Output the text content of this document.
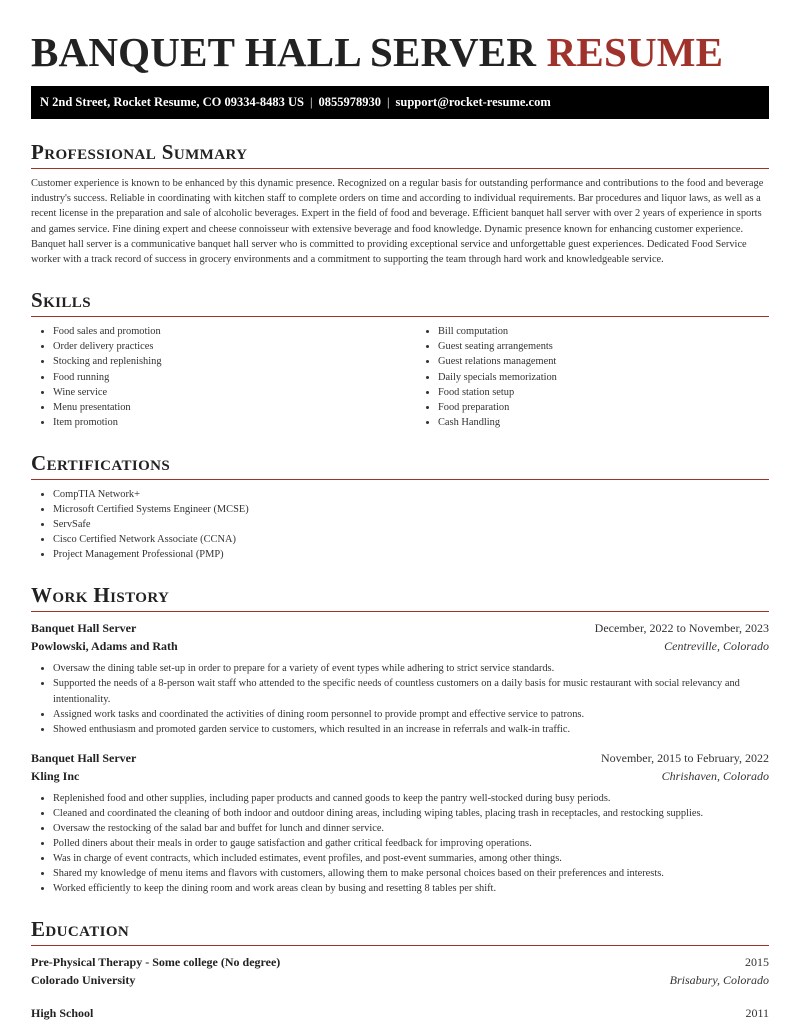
BANQUET HALL SERVER RESUME
N 2nd Street, Rocket Resume, CO 09334-8483 US | 0855978930 | support@rocket-resume.com
Professional Summary

Customer experience is known to be enhanced by this dynamic presence. Recognized on a regular basis for outstanding performance and contributions to the food and beverage industry's success. Reliable in coordinating with kitchen staff to complete orders on time and according to individual requirements. Bar procedures and liquor laws, as well as a recent license in the preparation and sale of alcoholic beverages. Expert in the field of food and beverage. Efficient banquet hall server with over 2 years of experience in sports and games service. Fine dining expert and cheese connoisseur with extensive beverage and food knowledge. Dynamic presence known for enhancing customer experience. Banquet hall server is a communicative banquet hall server who is committed to providing exceptional service and unforgettable guest experiences. Dedicated Food Service worker with a track record of success in grocery environments and a commitment to supporting the team through hard work and knowledgeable service.

Skills
• Food sales and promotion
• Order delivery practices
• Stocking and replenishing
• Food running
• Wine service
• Menu presentation
• Item promotion
• Bill computation
• Guest seating arrangements
• Guest relations management
• Daily specials memorization
• Food station setup
• Food preparation
• Cash Handling
Certifications
• CompTIA Network+
• Microsoft Certified Systems Engineer (MCSE)
• ServSafe
• Cisco Certified Network Associate (CCNA)
• Project Management Professional (PMP)
Work History
Banquet Hall Server	December, 2022 to November, 2023
Powlowski, Adams and Rath	Centreville, Colorado
• Oversaw the dining table set-up in order to prepare for a variety of event types while adhering to strict service standards.
• Supported the needs of a 8-person wait staff who attended to the specific needs of countless customers on a daily basis for music restaurant with social relevancy and intentionality.
• Assigned work tasks and coordinated the activities of dining room personnel to provide prompt and effective service to patrons.
• Showed enthusiasm and promoted garden service to customers, which resulted in an increase in referrals and walk-in traffic.
Banquet Hall Server	November, 2015 to February, 2022
Kling Inc	Chrishaven, Colorado
• Replenished food and other supplies, including paper products and canned goods to keep the pantry well-stocked during busy periods.
• Cleaned and coordinated the cleaning of both indoor and outdoor dining areas, including wiping tables, placing trash in receptacles, and restocking supplies.
• Oversaw the restocking of the salad bar and buffet for lunch and dinner service.
• Polled diners about their meals in order to gauge satisfaction and gather critical feedback for improving operations.
• Was in charge of event contracts, which included estimates, event profiles, and post-event summaries, among other things.
• Shared my knowledge of menu items and flavors with customers, allowing them to make personal choices based on their preferences and interests.
• Worked efficiently to keep the dining room and work areas clean by busing and resetting 8 tables per shift.
Education
Pre-Physical Therapy - Some college (No degree)	2015
Colorado University	Brisabury, Colorado
High School	2011
